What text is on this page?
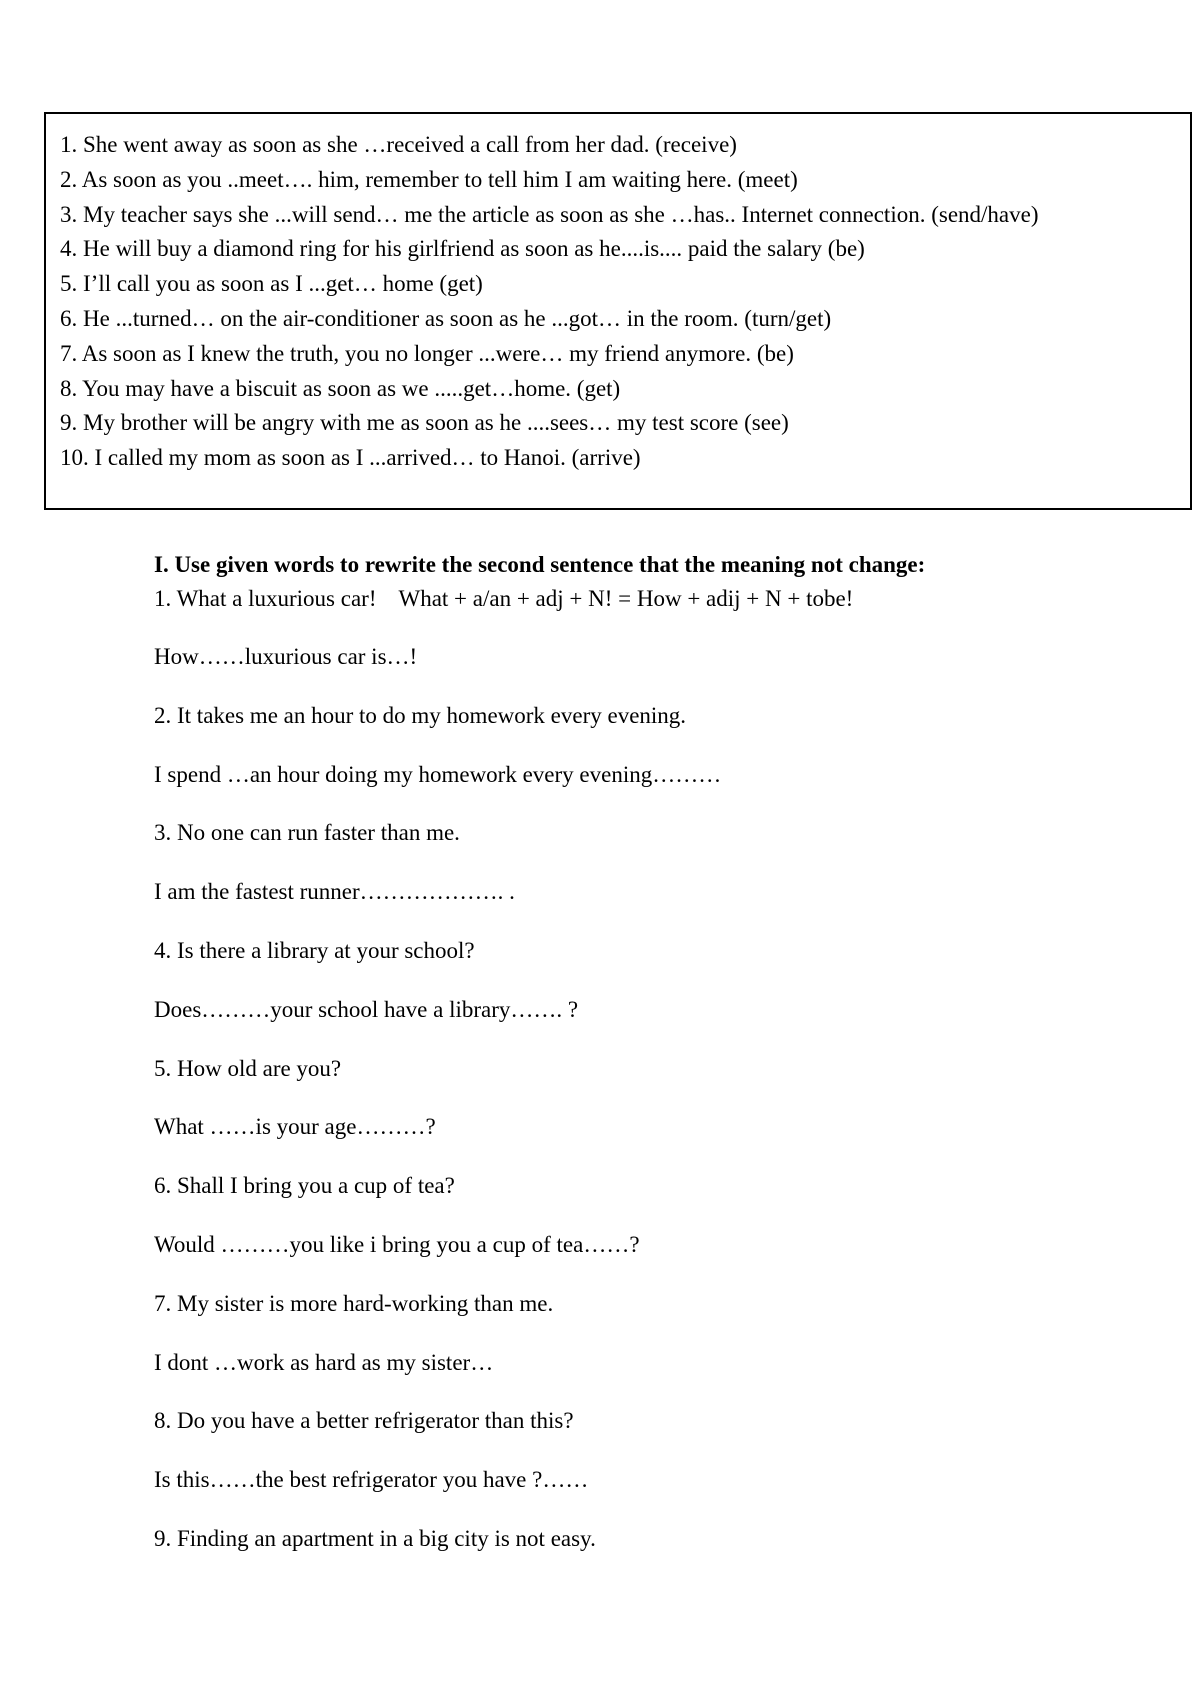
1. She went away as soon as she …received a call from her dad. (receive)
2. As soon as you ..meet…. him, remember to tell him I am waiting here. (meet)
3. My teacher says she ...will send… me the article as soon as she …has.. Internet connection. (send/have)
4. He will buy a diamond ring for his girlfriend as soon as he....is.... paid the salary (be)
5. I’ll call you as soon as I ...get… home (get)
6. He ...turned… on the air-conditioner as soon as he ...got… in the room. (turn/get)
7. As soon as I knew the truth, you no longer ...were… my friend anymore. (be)
8. You may have a biscuit as soon as we .....get…home. (get)
9. My brother will be angry with me as soon as he ....sees… my test score (see)
10. I called my mom as soon as I ...arrived… to Hanoi. (arrive)
I. Use given words to rewrite the second sentence that the meaning not change:
1. What a luxurious car! What + a/an + adj + N! = How + adij + N + tobe!
How……luxurious car is…!
2. It takes me an hour to do my homework every evening.
I spend …an hour doing my homework every evening………
3. No one can run faster than me.
I am the fastest runner………………. .
4. Is there a library at your school?
Does………your school have a library……. ?
5. How old are you?
What ……is your age………?
6. Shall I bring you a cup of tea?
Would ………you like i bring you a cup of tea……?
7. My sister is more hard-working than me.
I dont …work as hard as my sister…
8. Do you have a better refrigerator than this?
Is this……the best refrigerator you have ?……
9. Finding an apartment in a big city is not easy.
